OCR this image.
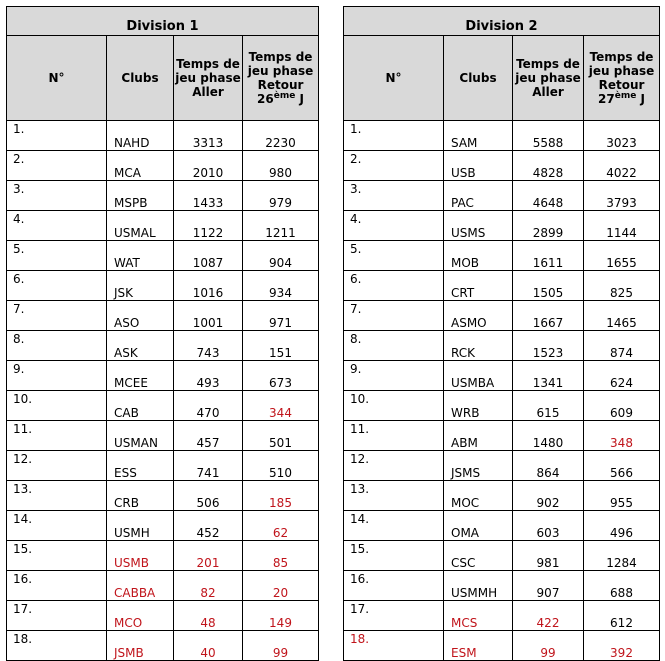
Division 1			
N°	Clubs	Temps de jeu phase Aller	Temps de jeu phase Retour 26ème J
1.	NAHD	3313	2230
2.	MCA	2010	980
3.	MSPB	1433	979
4.	USMAL	1122	1211
5.	WAT	1087	904
6.	JSK	1016	934
7.	ASO	1001	971
8.	ASK	743	151
9.	MCEE	493	673
10.	CAB	470	344
11.	USMAN	457	501
12.	ESS	741	510
13.	CRB	506	185
14.	USMH	452	62
15.	USMB	201	85
16.	CABBA	82	20
17.	MCO	48	149
18.	JSMB	40	99
Division 2			
N°	Clubs	Temps de jeu phase Aller	Temps de jeu phase Retour 27ème J
1.	SAM	5588	3023
2.	USB	4828	4022
3.	PAC	4648	3793
4.	USMS	2899	1144
5.	MOB	1611	1655
6.	CRT	1505	825
7.	ASMO	1667	1465
8.	RCK	1523	874
9.	USMBA	1341	624
10.	WRB	615	609
11.	ABM	1480	348
12.	JSMS	864	566
13.	MOC	902	955
14.	OMA	603	496
15.	CSC	981	1284
16.	USMMH	907	688
17.	MCS	422	612
18.	ESM	99	392
